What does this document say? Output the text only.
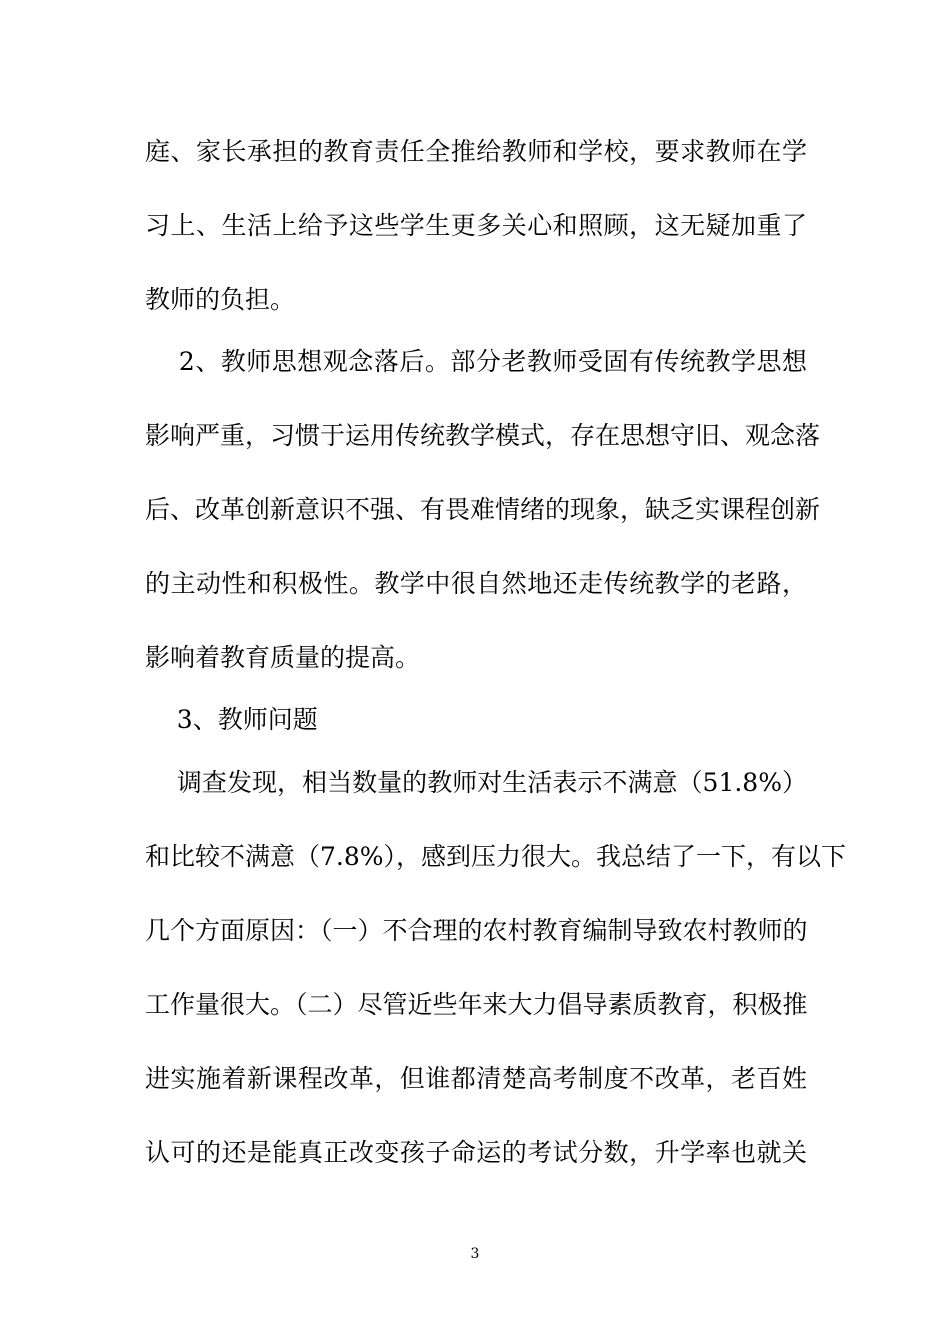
庭、家长承担的教育责任全推给教师和学校，要求教师在学
习上、生活上给予这些学生更多关心和照顾，这无疑加重了
教师的负担。
2、教师思想观念落后。部分老教师受固有传统教学思想
影响严重，习惯于运用传统教学模式，存在思想守旧、观念落
后、改革创新意识不强、有畏难情绪的现象，缺乏实课程创新
的主动性和积极性。教学中很自然地还走传统教学的老路，
影响着教育质量的提高。
3、教师问题
调查发现，相当数量的教师对生活表示不满意（51.8%）
和比较不满意（7.8%），感到压力很大。我总结了一下，有以下
几个方面原因：（一）不合理的农村教育编制导致农村教师的
工作量很大。（二）尽管近些年来大力倡导素质教育，积极推
进实施着新课程改革，但谁都清楚高考制度不改革，老百姓
认可的还是能真正改变孩子命运的考试分数，升学率也就关
3
